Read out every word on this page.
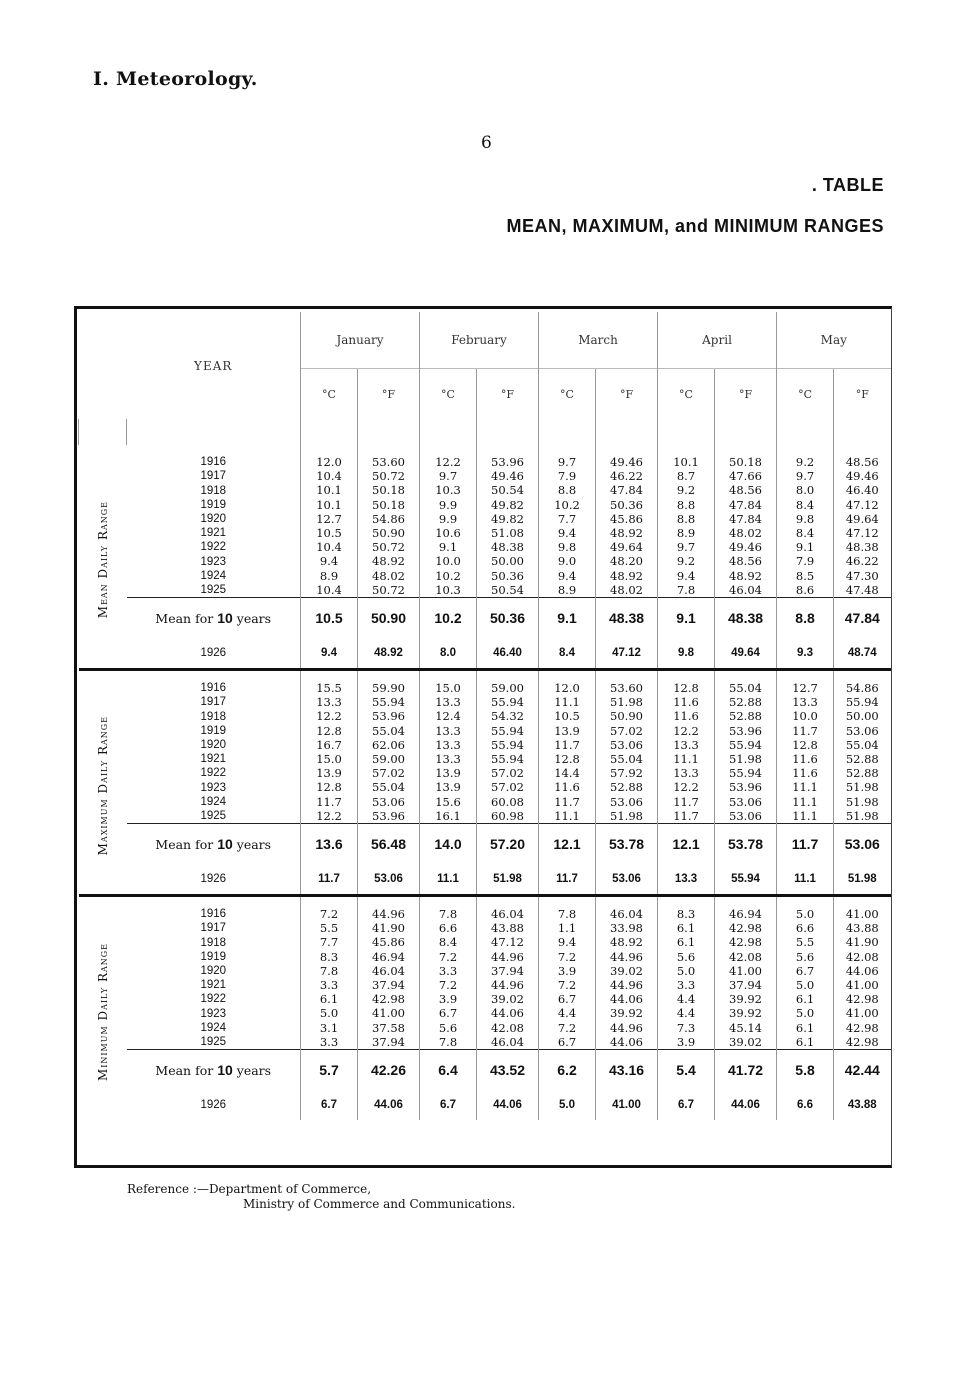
I. Meteorology.
6
. TABLE
MEAN, MAXIMUM, and MINIMUM RANGES
	YEAR	January		February		March		April		May	
		°C	°F	°C	°F	°C	°F	°C	°F	°C	°F

Mean Daily Range	1916	12.0	53.60	12.2	53.96	9.7	49.46	10.1	50.18	9.2	48.56
	1917	10.4	50.72	9.7	49.46	7.9	46.22	8.7	47.66	9.7	49.46
	1918	10.1	50.18	10.3	50.54	8.8	47.84	9.2	48.56	8.0	46.40
	1919	10.1	50.18	9.9	49.82	10.2	50.36	8.8	47.84	8.4	47.12
	1920	12.7	54.86	9.9	49.82	7.7	45.86	8.8	47.84	9.8	49.64
	1921	10.5	50.90	10.6	51.08	9.4	48.92	8.9	48.02	8.4	47.12
	1922	10.4	50.72	9.1	48.38	9.8	49.64	9.7	49.46	9.1	48.38
	1923	9.4	48.92	10.0	50.00	9.0	48.20	9.2	48.56	7.9	46.22
	1924	8.9	48.02	10.2	50.36	9.4	48.92	9.4	48.92	8.5	47.30
	1925	10.4	50.72	10.3	50.54	8.9	48.02	7.8	46.04	8.6	47.48
	Mean for 10 years	10.5	50.90	10.2	50.36	9.1	48.38	9.1	48.38	8.8	47.84
	1926	9.4	48.92	8.0	46.40	8.4	47.12	9.8	49.64	9.3	48.74

Maximum Daily Range	1916	15.5	59.90	15.0	59.00	12.0	53.60	12.8	55.04	12.7	54.86
	1917	13.3	55.94	13.3	55.94	11.1	51.98	11.6	52.88	13.3	55.94
	1918	12.2	53.96	12.4	54.32	10.5	50.90	11.6	52.88	10.0	50.00
	1919	12.8	55.04	13.3	55.94	13.9	57.02	12.2	53.96	11.7	53.06
	1920	16.7	62.06	13.3	55.94	11.7	53.06	13.3	55.94	12.8	55.04
	1921	15.0	59.00	13.3	55.94	12.8	55.04	11.1	51.98	11.6	52.88
	1922	13.9	57.02	13.9	57.02	14.4	57.92	13.3	55.94	11.6	52.88
	1923	12.8	55.04	13.9	57.02	11.6	52.88	12.2	53.96	11.1	51.98
	1924	11.7	53.06	15.6	60.08	11.7	53.06	11.7	53.06	11.1	51.98
	1925	12.2	53.96	16.1	60.98	11.1	51.98	11.7	53.06	11.1	51.98
	Mean for 10 years	13.6	56.48	14.0	57.20	12.1	53.78	12.1	53.78	11.7	53.06
	1926	11.7	53.06	11.1	51.98	11.7	53.06	13.3	55.94	11.1	51.98

Minimum Daily Range	1916	7.2	44.96	7.8	46.04	7.8	46.04	8.3	46.94	5.0	41.00
	1917	5.5	41.90	6.6	43.88	1.1	33.98	6.1	42.98	6.6	43.88
	1918	7.7	45.86	8.4	47.12	9.4	48.92	6.1	42.98	5.5	41.90
	1919	8.3	46.94	7.2	44.96	7.2	44.96	5.6	42.08	5.6	42.08
	1920	7.8	46.04	3.3	37.94	3.9	39.02	5.0	41.00	6.7	44.06
	1921	3.3	37.94	7.2	44.96	7.2	44.96	3.3	37.94	5.0	41.00
	1922	6.1	42.98	3.9	39.02	6.7	44.06	4.4	39.92	6.1	42.98
	1923	5.0	41.00	6.7	44.06	4.4	39.92	4.4	39.92	5.0	41.00
	1924	3.1	37.58	5.6	42.08	7.2	44.96	7.3	45.14	6.1	42.98
	1925	3.3	37.94	7.8	46.04	6.7	44.06	3.9	39.02	6.1	42.98
	Mean for 10 years	5.7	42.26	6.4	43.52	6.2	43.16	5.4	41.72	5.8	42.44
	1926	6.7	44.06	6.7	44.06	5.0	41.00	6.7	44.06	6.6	43.88
Reference :—Department of Commerce,
Ministry of Commerce and Communications.
